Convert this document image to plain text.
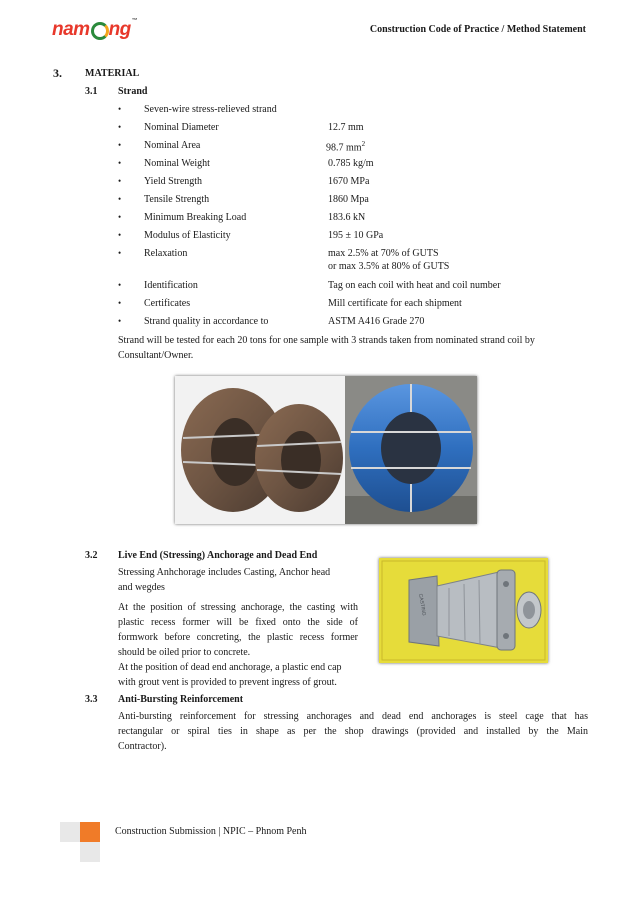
nam ng ™
Construction Code of Practice / Method Statement
3. MATERIAL
3.1 Strand
• Seven-wire stress-relieved strand
• Nominal Diameter	12.7 mm
• Nominal Area	98.7 $mm^2$
• Nominal Weight	0.785 kg/m
• Yield Strength	1670 MPa
• Tensile Strength	1860 Mpa
• Minimum Breaking Load	183.6 kN
• Modulus of Elasticity	195 ± 10 GPa
• Relaxation	max 2.5% at 70% of GUTS
or max 3.5% at 80% of GUTS
• Identification	Tag on each coil with heat and coil number
• Certificates	Mill certificate for each shipment
• Strand quality in accordance to	ASTM A416 Grade 270
Strand will be tested for each 20 tons for one sample with 3 strands taken from nominated strand coil by
Consultant/Owner.
3.2 Live End (Stressing) Anchorage and Dead End
Stressing Anhchorage includes Casting, Anchor head
and wegdes
At the position of stressing anchorage, the casting with
plastic recess former will be fixed onto the side of
formwork before concreting, the plastic recess former
should be oiled prior to concrete.
At the position of dead end anchorage, a plastic end cap
with grout vent is provided to prevent ingress of grout.
CASTING
3.3 Anti-Bursting Reinforcement
Anti-bursting reinforcement for stressing anchorages and dead end anchorages is steel cage that has
rectangular or spiral ties in shape as per the shop drawings (provided and installed by the Main
Contractor).
Construction Submission | NPIC – Phnom Penh
